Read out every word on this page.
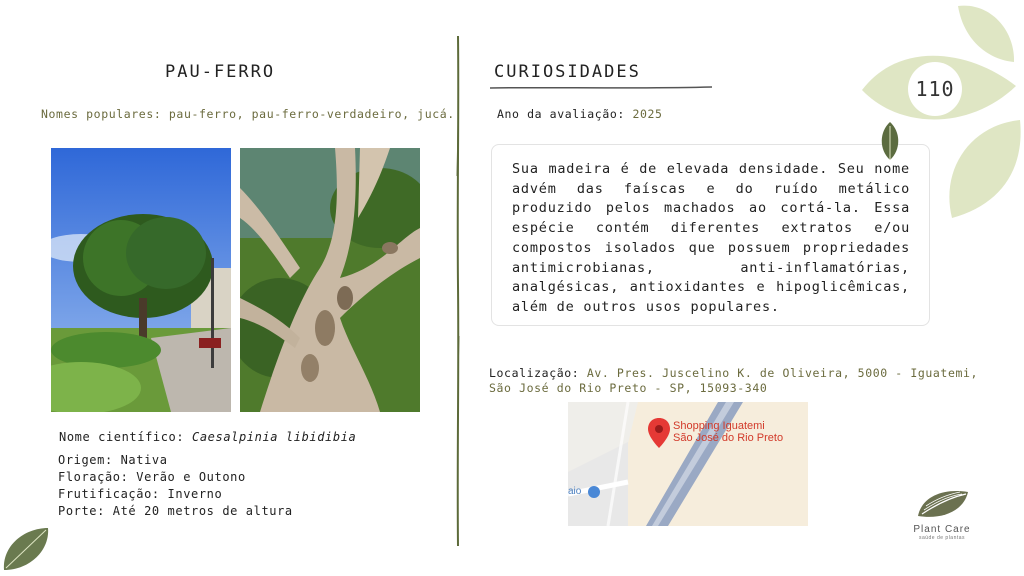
PAU-FERRO
Nomes populares: pau-ferro, pau-ferro-verdadeiro, jucá.
Nome científico: Caesalpinia libidibia
Origem: Nativa
Floração: Verão e Outono
Frutificação: Inverno
Porte: Até 20 metros de altura
CURIOSIDADES
Ano da avaliação: 2025
Sua madeira é de elevada densidade. Seu nome advém das faíscas e do ruído metálico produzido pelos machados ao cortá-la. Essa espécie contém diferentes extratos e/ou compostos isolados que possuem propriedades antimicrobianas, anti-inflamatórias, analgésicas, antioxidantes e hipoglicêmicas, além de outros usos populares.
Localização: Av. Pres. Juscelino K. de Oliveira, 5000 - Iguatemi, São José do Rio Preto - SP, 15093-340
Shopping Iguatemi
São José do Rio Preto
aio
110
Plant Care
saúde de plantas
